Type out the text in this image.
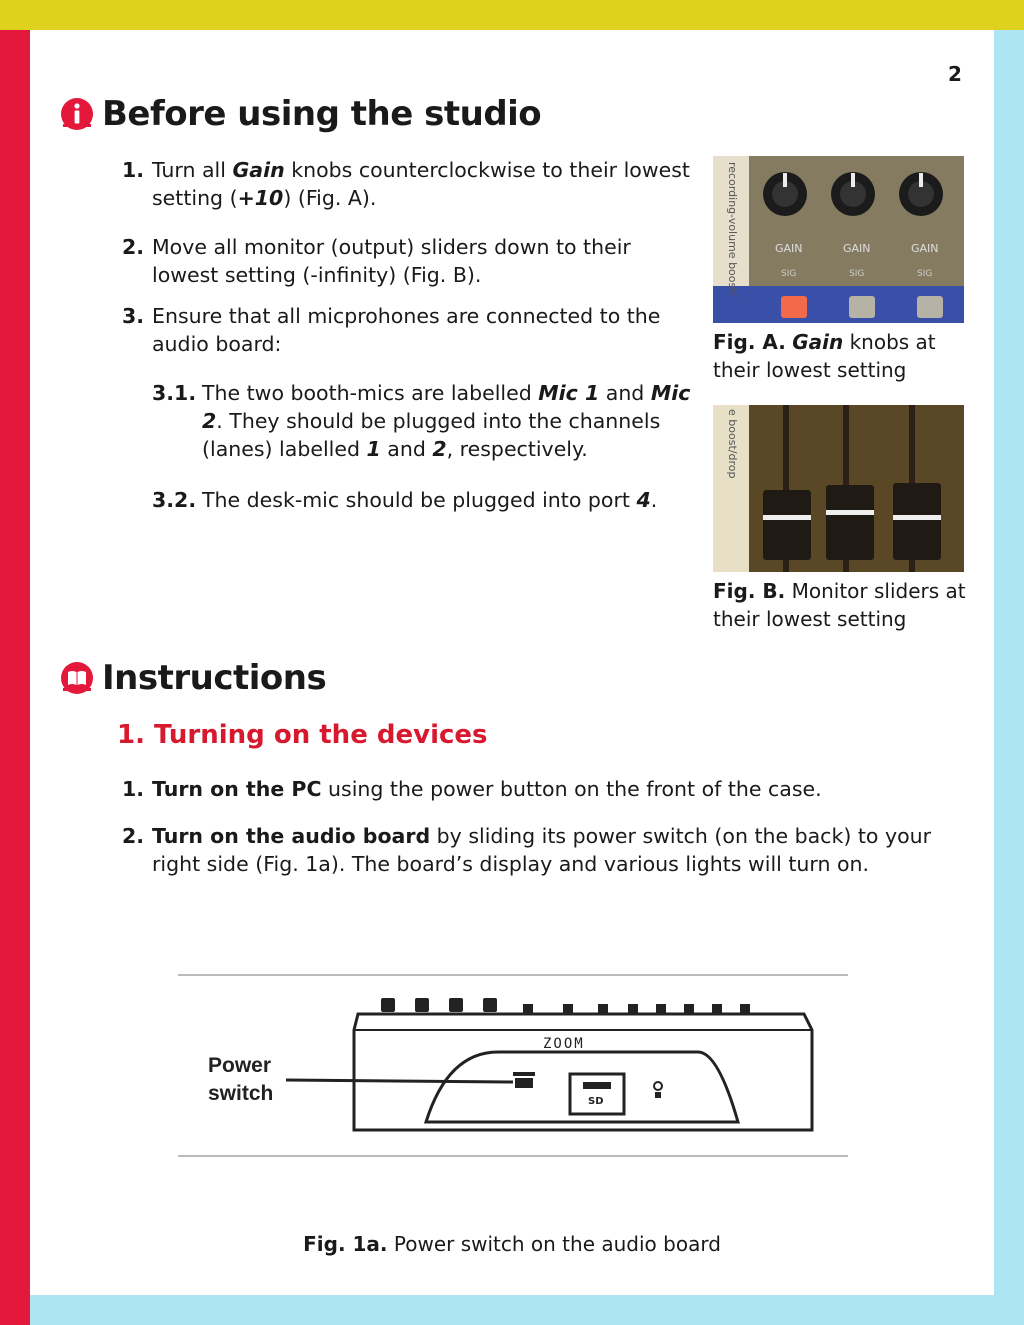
2
Before using the studio
1. Turn all Gain knobs counterclockwise to their lowest setting (+10) (Fig. A).
2. Move all monitor (output) sliders down to their lowest setting (-infinity) (Fig. B).
3. Ensure that all micprohones are connected to the audio board:
3.1. The two booth-mics are labelled Mic 1 and Mic 2. They should be plugged into the channels (lanes) labelled 1 and 2, respectively.
3.2. The desk-mic should be plugged into port 4.
recording-volume boost/	GAIN	GAIN	GAIN
SIG	SIG	SIG
Fig. A. Gain knobs at their lowest setting
e boost/drop
Fig. B. Monitor sliders at their lowest setting
Instructions
1. Turning on the devices
1. Turn on the PC using the power button on the front of the case.
2. Turn on the audio board by sliding its power switch (on the back) to your right side (Fig. 1a). The board’s display and various lights will turn on.
ZOOM
SD
Power
switch
Fig. 1a. Power switch on the audio board
